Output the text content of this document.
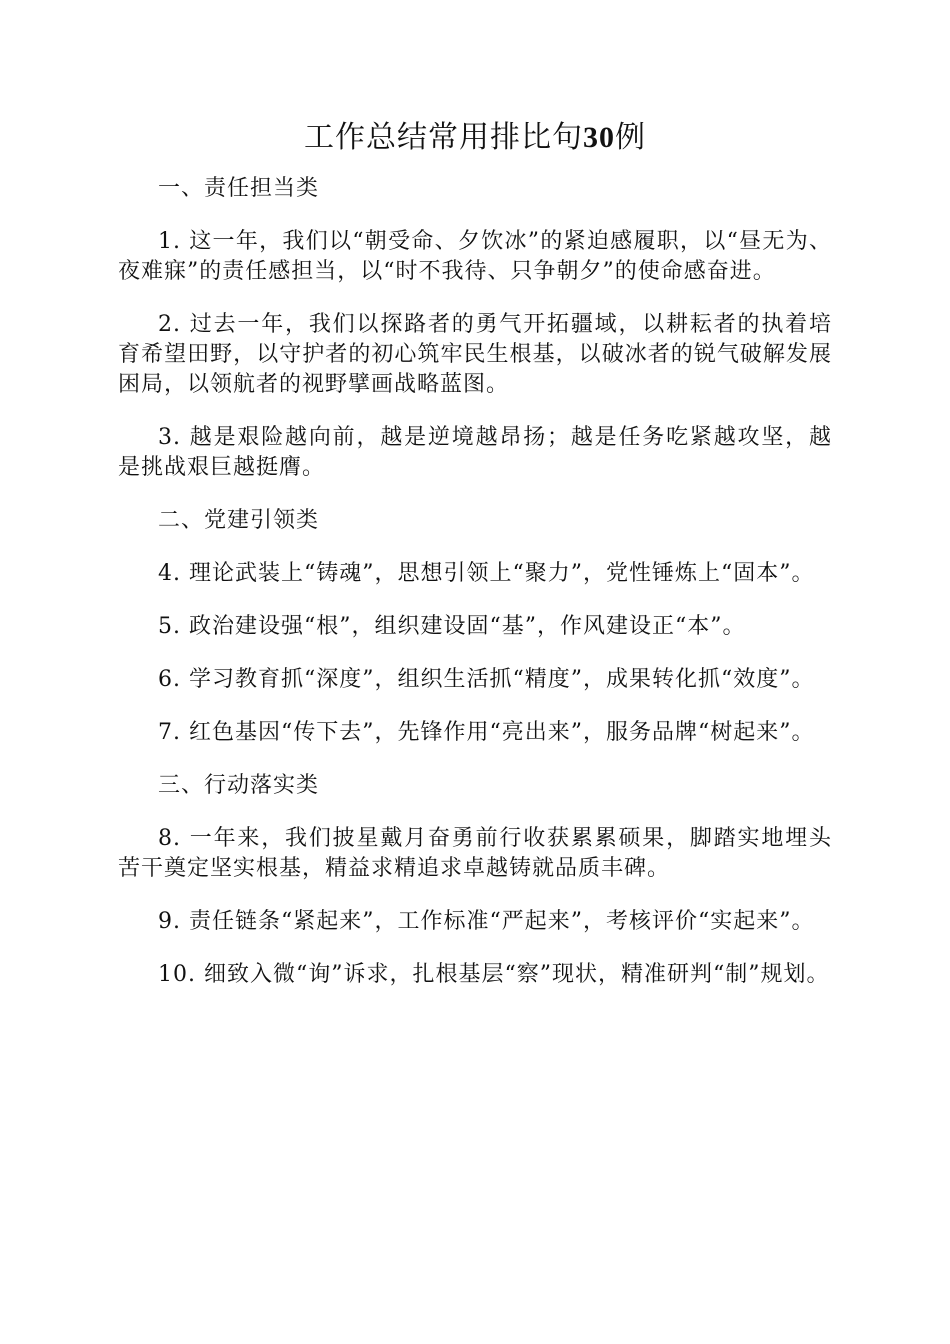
工作总结常用排比句30例
一、责任担当类

1. 这一年，我们以“朝受命、夕饮冰”的紧迫感履职，以“昼无为、夜难寐”的责任感担当，以“时不我待、只争朝夕”的使命感奋进。

2. 过去一年，我们以探路者的勇气开拓疆域，以耕耘者的执着培育希望田野，以守护者的初心筑牢民生根基，以破冰者的锐气破解发展困局，以领航者的视野擘画战略蓝图。

3. 越是艰险越向前，越是逆境越昂扬；越是任务吃紧越攻坚，越是挑战艰巨越挺膺。

二、党建引领类

4. 理论武装上“铸魂”，思想引领上“聚力”，党性锤炼上“固本”。

5. 政治建设强“根”，组织建设固“基”，作风建设正“本”。

6. 学习教育抓“深度”，组织生活抓“精度”，成果转化抓“效度”。

7. 红色基因“传下去”，先锋作用“亮出来”，服务品牌“树起来”。

三、行动落实类

8. 一年来，我们披星戴月奋勇前行收获累累硕果，脚踏实地埋头苦干奠定坚实根基，精益求精追求卓越铸就品质丰碑。

9. 责任链条“紧起来”，工作标准“严起来”，考核评价“实起来”。

10. 细致入微“询”诉求，扎根基层“察”现状，精准研判“制”规划。
